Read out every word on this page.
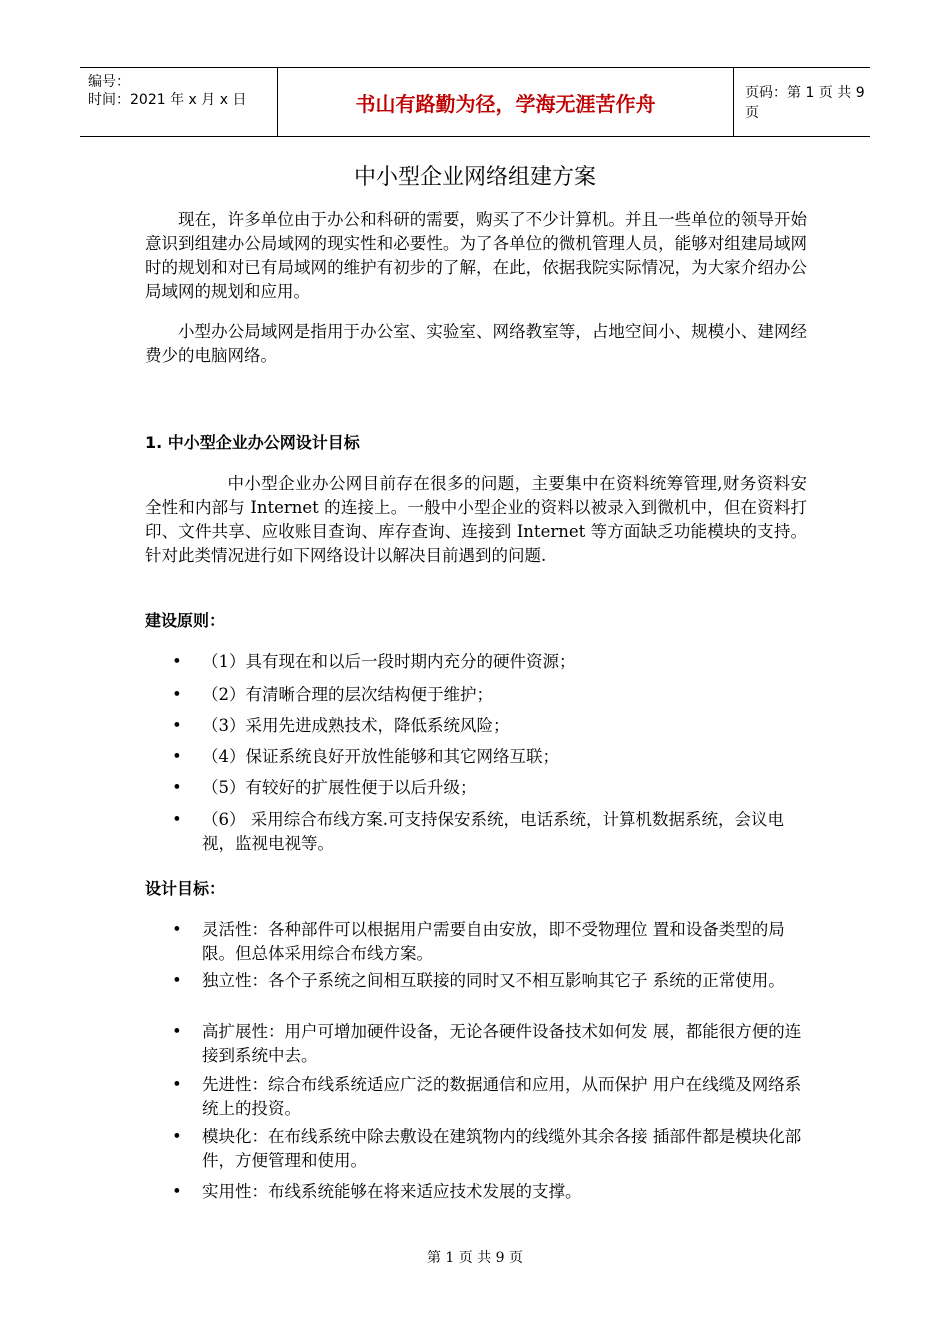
编号：
时间：2021 年 x 月 x 日	书山有路勤为径，学海无涯苦作舟	页码：第 1 页 共 9 页
中小型企业网络组建方案

现在，许多单位由于办公和科研的需要，购买了不少计算机。并且一些单位的领导开始意识到组建办公局域网的现实性和必要性。为了各单位的微机管理人员，能够对组建局域网时的规划和对已有局域网的维护有初步的了解，在此，依据我院实际情况，为大家介绍办公局域网的规划和应用。

小型办公局域网是指用于办公室、实验室、网络教室等，占地空间小、规模小、建网经费少的电脑网络。

1. 中小型企业办公网设计目标

中小型企业办公网目前存在很多的问题，主要集中在资料统筹管理,财务资料安全性和内部与 Internet 的连接上。一般中小型企业的资料以被录入到微机中，但在资料打印、文件共享、应收账目查询、库存查询、连接到 Internet 等方面缺乏功能模块的支持。针对此类情况进行如下网络设计以解决目前遇到的问题.

建设原则：
• （1）具有现在和以后一段时期内充分的硬件资源；
• （2）有清晰合理的层次结构便于维护；
• （3）采用先进成熟技术，降低系统风险；
• （4）保证系统良好开放性能够和其它网络互联；
• （5）有较好的扩展性便于以后升级；
• （6） 采用综合布线方案.可支持保安系统，电话系统，计算机数据系统，会议电视，监视电视等。
设计目标：
• 灵活性：各种部件可以根据用户需要自由安放，即不受物理位 置和设备类型的局限。但总体采用综合布线方案。
• 独立性：各个子系统之间相互联接的同时又不相互影响其它子 系统的正常使用。
• 高扩展性：用户可增加硬件设备，无论各硬件设备技术如何发 展，都能很方便的连接到系统中去。
• 先进性：综合布线系统适应广泛的数据通信和应用，从而保护 用户在线缆及网络系统上的投资。
• 模块化：在布线系统中除去敷设在建筑物内的线缆外其余各接 插部件都是模块化部件，方便管理和使用。
• 实用性：布线系统能够在将来适应技术发展的支撑。
第 1 页 共 9 页
